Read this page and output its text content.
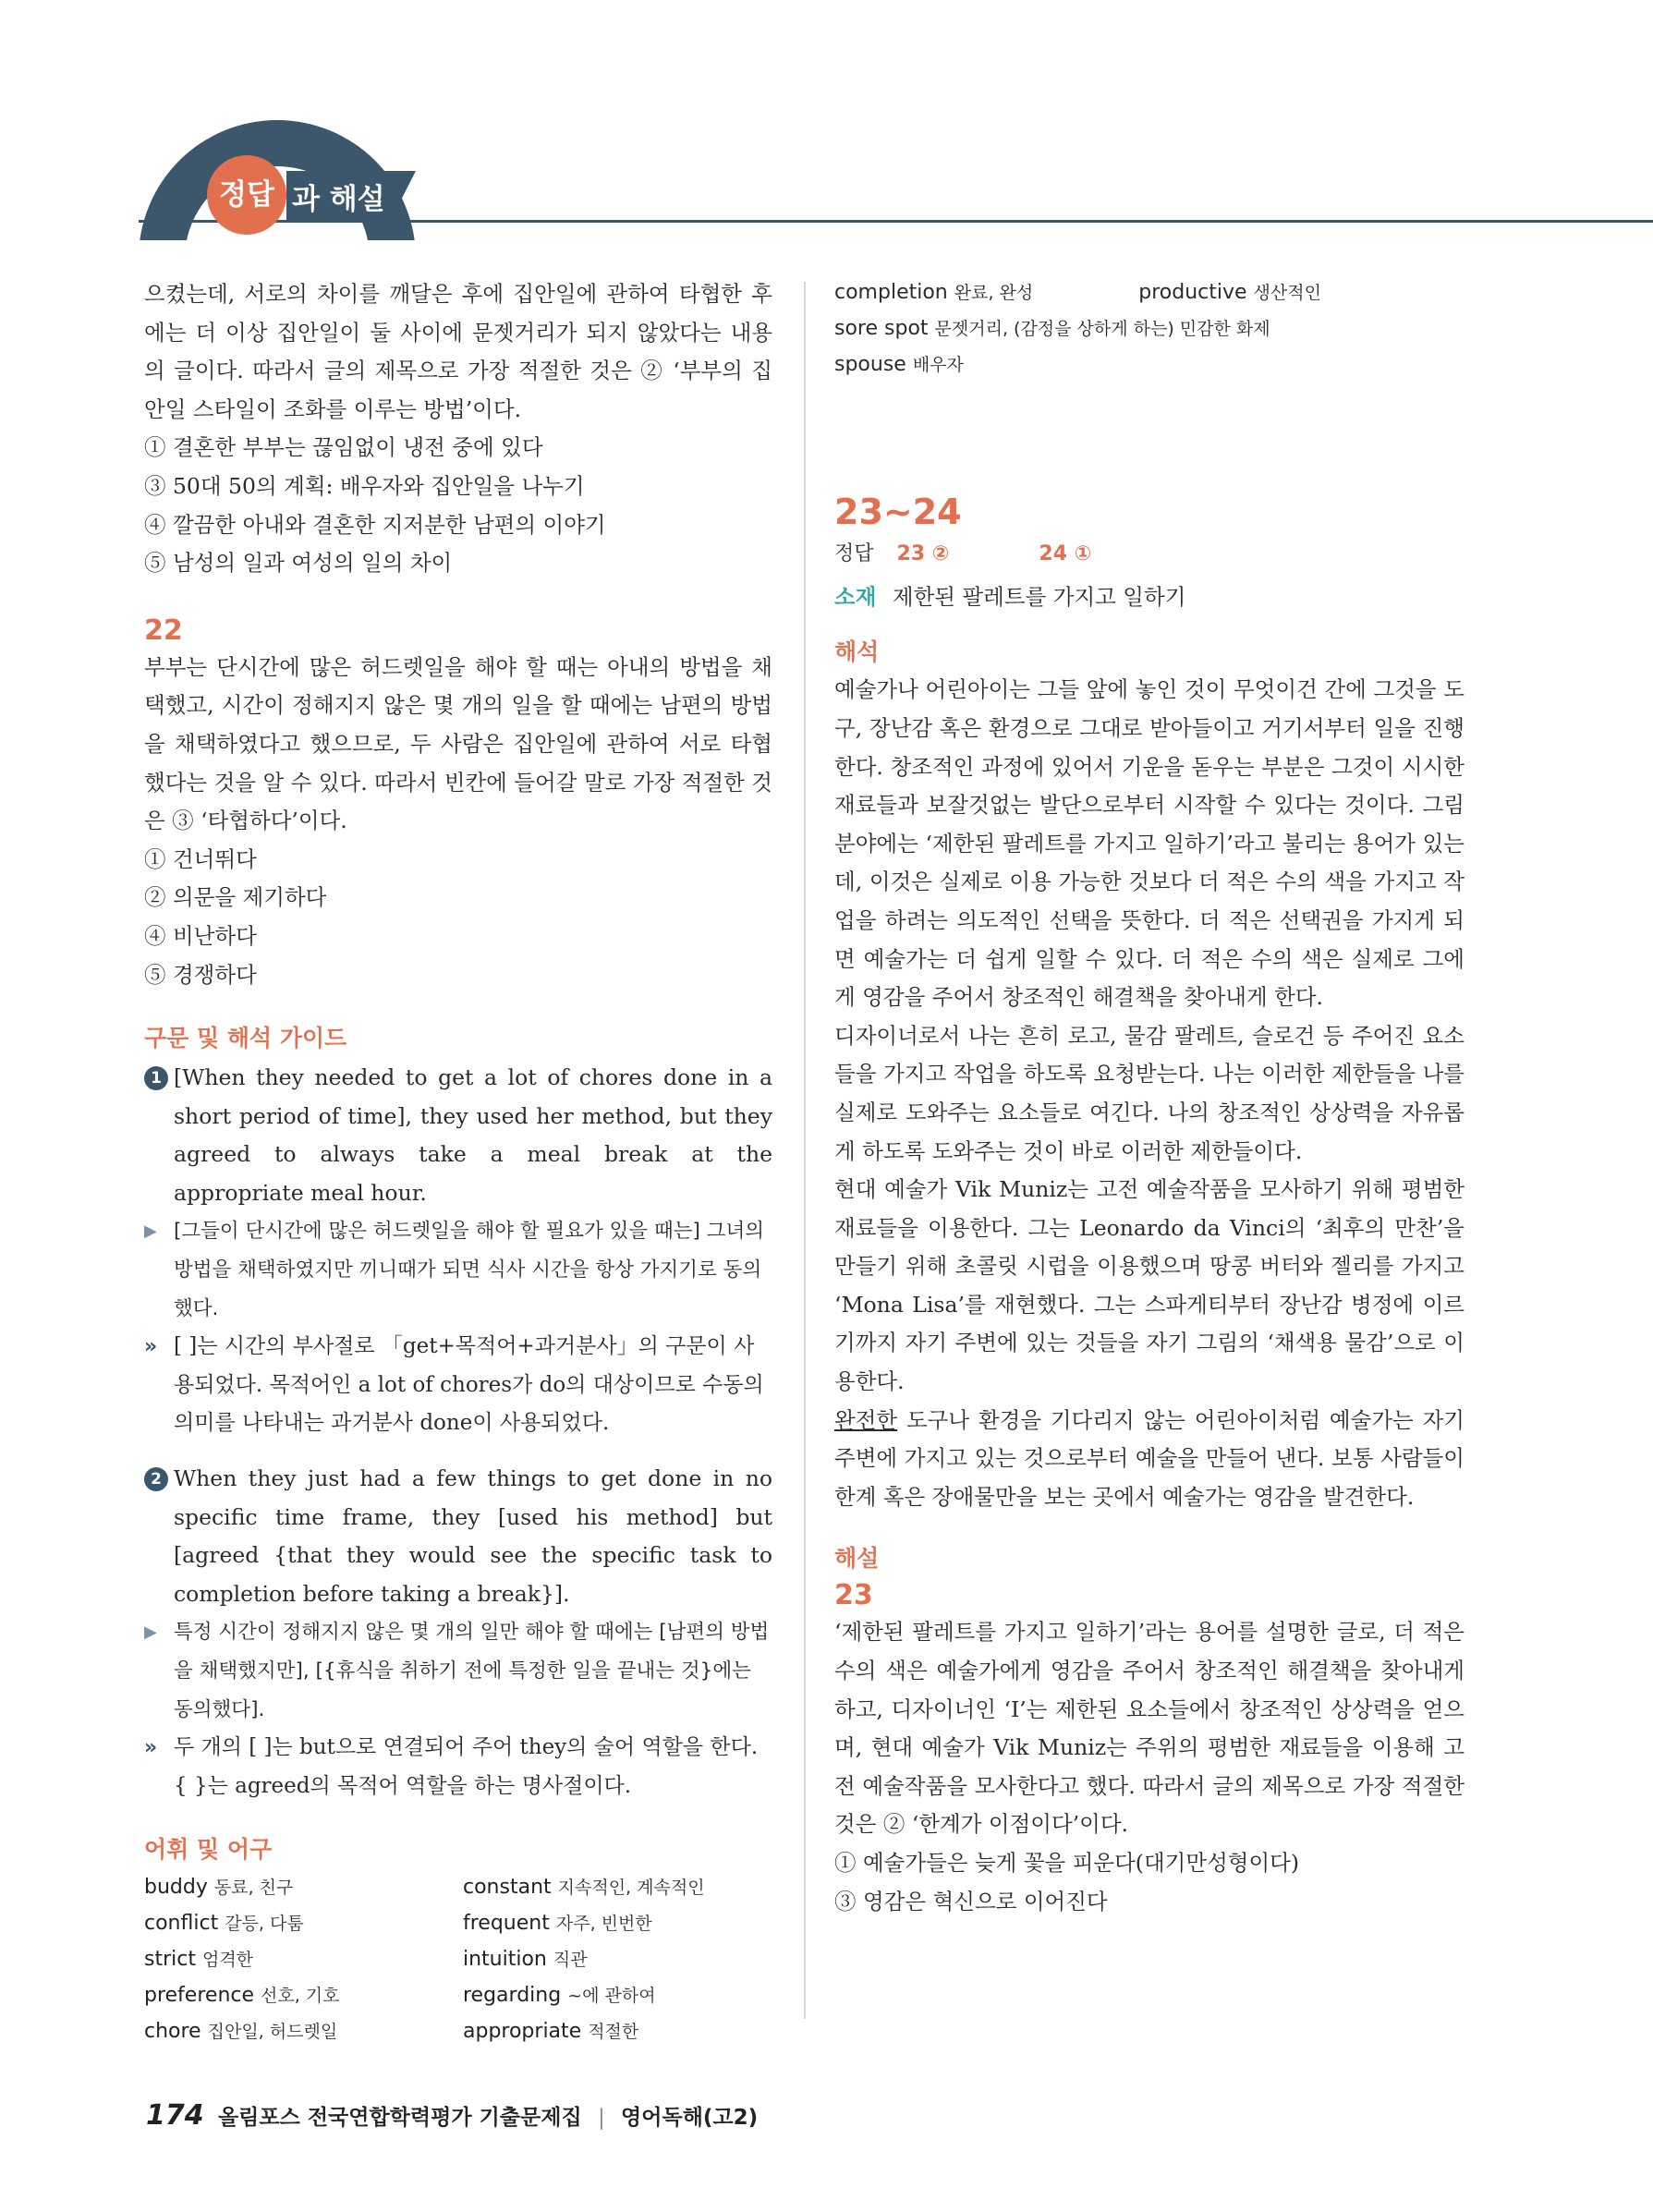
정답 과 해설

으켰는데, 서로의 차이를 깨달은 후에 집안일에 관하여 타협한 후에는 더 이상 집안일이 둘 사이에 문젯거리가 되지 않았다는 내용의 글이다. 따라서 글의 제목으로 가장 적절한 것은 ② ‘부부의 집안일 스타일이 조화를 이루는 방법’이다.

① 결혼한 부부는 끊임없이 냉전 중에 있다

③ 50대 50의 계획: 배우자와 집안일을 나누기

④ 깔끔한 아내와 결혼한 지저분한 남편의 이야기

⑤ 남성의 일과 여성의 일의 차이

22

부부는 단시간에 많은 허드렛일을 해야 할 때는 아내의 방법을 채택했고, 시간이 정해지지 않은 몇 개의 일을 할 때에는 남편의 방법을 채택하였다고 했으므로, 두 사람은 집안일에 관하여 서로 타협했다는 것을 알 수 있다. 따라서 빈칸에 들어갈 말로 가장 적절한 것은 ③ ‘타협하다’이다.

① 건너뛰다

② 의문을 제기하다

④ 비난하다

⑤ 경쟁하다

구문 및 해석 가이드
1 [When they needed to get a lot of chores done in a short period of time], they used her method, but they agreed to always take a meal break at the appropriate meal hour.
▶ [그들이 단시간에 많은 허드렛일을 해야 할 필요가 있을 때는] 그녀의 방법을 채택하였지만 끼니때가 되면 식사 시간을 항상 가지기로 동의했다.
» [ ]는 시간의 부사절로 「get+목적어+과거분사」의 구문이 사용되었다. 목적어인 a lot of chores가 do의 대상이므로 수동의 의미를 나타내는 과거분사 done이 사용되었다.
2 When they just had a few things to get done in no specific time frame, they [used his method] but [agreed {that they would see the specific task to completion before taking a break}].
▶ 특정 시간이 정해지지 않은 몇 개의 일만 해야 할 때에는 [남편의 방법을 채택했지만], [{휴식을 취하기 전에 특정한 일을 끝내는 것}에는 동의했다].
» 두 개의 [ ]는 but으로 연결되어 주어 they의 술어 역할을 한다. { }는 agreed의 목적어 역할을 하는 명사절이다.
어휘 및 어구
buddy 동료, 친구	constant 지속적인, 계속적인
conflict 갈등, 다툼	frequent 자주, 빈번한
strict 엄격한	intuition 직관
preference 선호, 기호	regarding ~에 관하여
chore 집안일, 허드렛일	appropriate 적절한

completion 완료, 완성	productive 생산적인

sore spot 문젯거리, (감정을 상하게 하는) 민감한 화제

spouse 배우자

23~24

정답 23 ②	24 ①

소재 제한된 팔레트를 가지고 일하기

해석

예술가나 어린아이는 그들 앞에 놓인 것이 무엇이건 간에 그것을 도구, 장난감 혹은 환경으로 그대로 받아들이고 거기서부터 일을 진행한다. 창조적인 과정에 있어서 기운을 돋우는 부분은 그것이 시시한 재료들과 보잘것없는 발단으로부터 시작할 수 있다는 것이다. 그림 분야에는 ‘제한된 팔레트를 가지고 일하기’라고 불리는 용어가 있는데, 이것은 실제로 이용 가능한 것보다 더 적은 수의 색을 가지고 작업을 하려는 의도적인 선택을 뜻한다. 더 적은 선택권을 가지게 되면 예술가는 더 쉽게 일할 수 있다. 더 적은 수의 색은 실제로 그에게 영감을 주어서 창조적인 해결책을 찾아내게 한다.

디자이너로서 나는 흔히 로고, 물감 팔레트, 슬로건 등 주어진 요소들을 가지고 작업을 하도록 요청받는다. 나는 이러한 제한들을 나를 실제로 도와주는 요소들로 여긴다. 나의 창조적인 상상력을 자유롭게 하도록 도와주는 것이 바로 이러한 제한들이다.

현대 예술가 Vik Muniz는 고전 예술작품을 모사하기 위해 평범한 재료들을 이용한다. 그는 Leonardo da Vinci의 ‘최후의 만찬’을 만들기 위해 초콜릿 시럽을 이용했으며 땅콩 버터와 젤리를 가지고 ‘Mona Lisa’를 재현했다. 그는 스파게티부터 장난감 병정에 이르기까지 자기 주변에 있는 것들을 자기 그림의 ‘채색용 물감’으로 이용한다.

완전한 도구나 환경을 기다리지 않는 어린아이처럼 예술가는 자기 주변에 가지고 있는 것으로부터 예술을 만들어 낸다. 보통 사람들이 한계 혹은 장애물만을 보는 곳에서 예술가는 영감을 발견한다.

해설
23

‘제한된 팔레트를 가지고 일하기’라는 용어를 설명한 글로, 더 적은 수의 색은 예술가에게 영감을 주어서 창조적인 해결책을 찾아내게 하고, 디자이너인 ‘I’는 제한된 요소들에서 창조적인 상상력을 얻으며, 현대 예술가 Vik Muniz는 주위의 평범한 재료들을 이용해 고전 예술작품을 모사한다고 했다. 따라서 글의 제목으로 가장 적절한 것은 ② ‘한계가 이점이다’이다.

① 예술가들은 늦게 꽃을 피운다(대기만성형이다)

③ 영감은 혁신으로 이어진다

174 올림포스 전국연합학력평가 기출문제집 | 영어독해(고2)
